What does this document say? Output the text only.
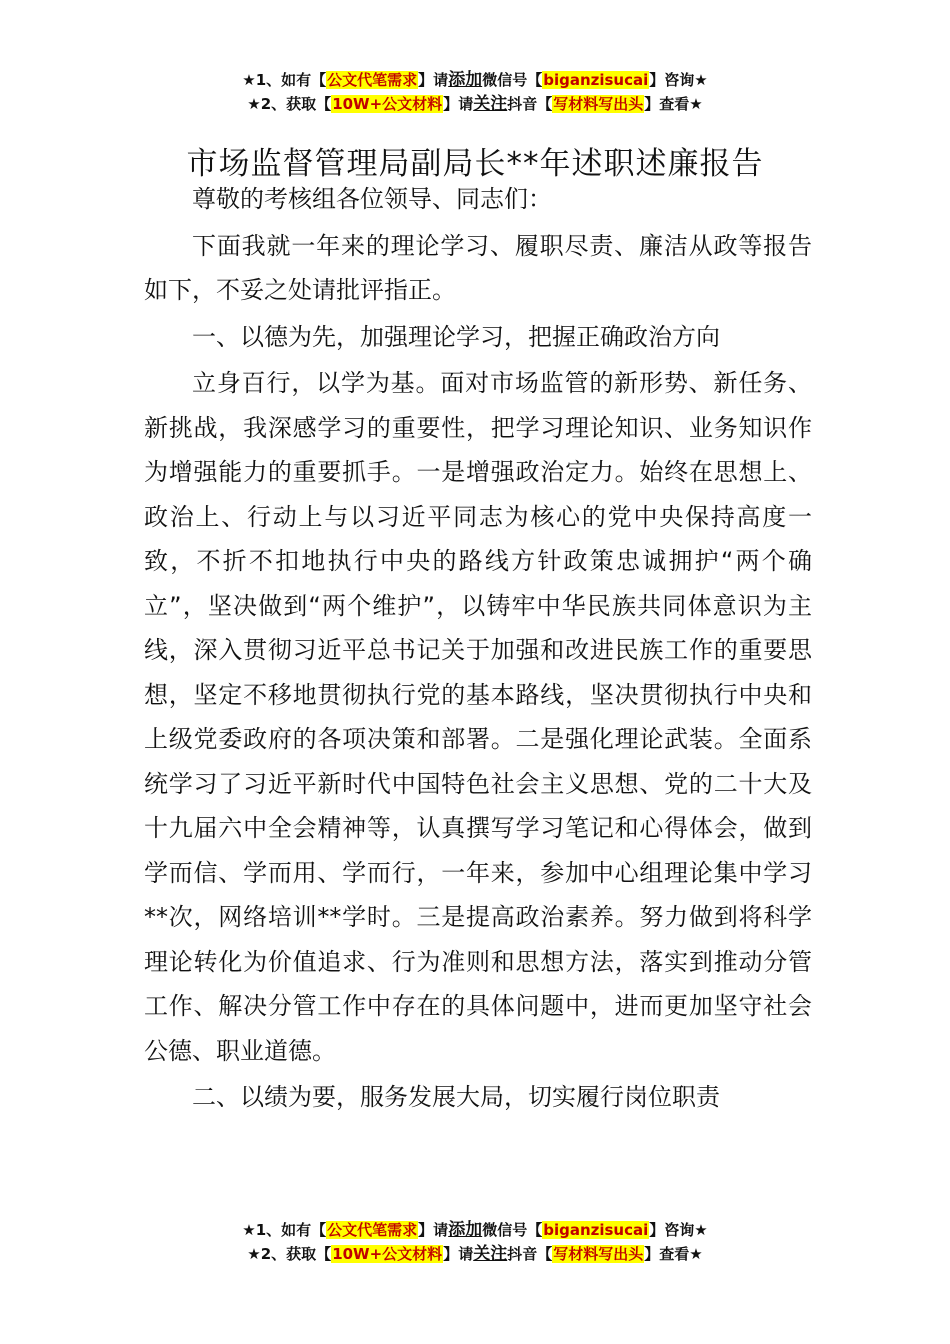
★1、如有【公文代笔需求】请添加微信号【biganzisucai】咨询★
★2、获取【10W+公文材料】请关注抖音【写材料写出头】查看★
市场监督管理局副局长**年述职述廉报告

尊敬的考核组各位领导、同志们：

下面我就一年来的理论学习、履职尽责、廉洁从政等报告如下，不妥之处请批评指正。

一、以德为先，加强理论学习，把握正确政治方向

立身百行，以学为基。面对市场监管的新形势、新任务、新挑战，我深感学习的重要性，把学习理论知识、业务知识作为增强能力的重要抓手。一是增强政治定力。始终在思想上、政治上、行动上与以习近平同志为核心的党中央保持高度一致，不折不扣地执行中央的路线方针政策忠诚拥护“两个确立”，坚决做到“两个维护”，以铸牢中华民族共同体意识为主线，深入贯彻习近平总书记关于加强和改进民族工作的重要思想，坚定不移地贯彻执行党的基本路线，坚决贯彻执行中央和上级党委政府的各项决策和部署。二是强化理论武装。全面系统学习了习近平新时代中国特色社会主义思想、党的二十大及十九届六中全会精神等，认真撰写学习笔记和心得体会，做到学而信、学而用、学而行，一年来，参加中心组理论集中学习**次，网络培训**学时。三是提高政治素养。努力做到将科学理论转化为价值追求、行为准则和思想方法，落实到推动分管工作、解决分管工作中存在的具体问题中，进而更加坚守社会公德、职业道德。

二、以绩为要，服务发展大局，切实履行岗位职责

★1、如有【公文代笔需求】请添加微信号【biganzisucai】咨询★
★2、获取【10W+公文材料】请关注抖音【写材料写出头】查看★
